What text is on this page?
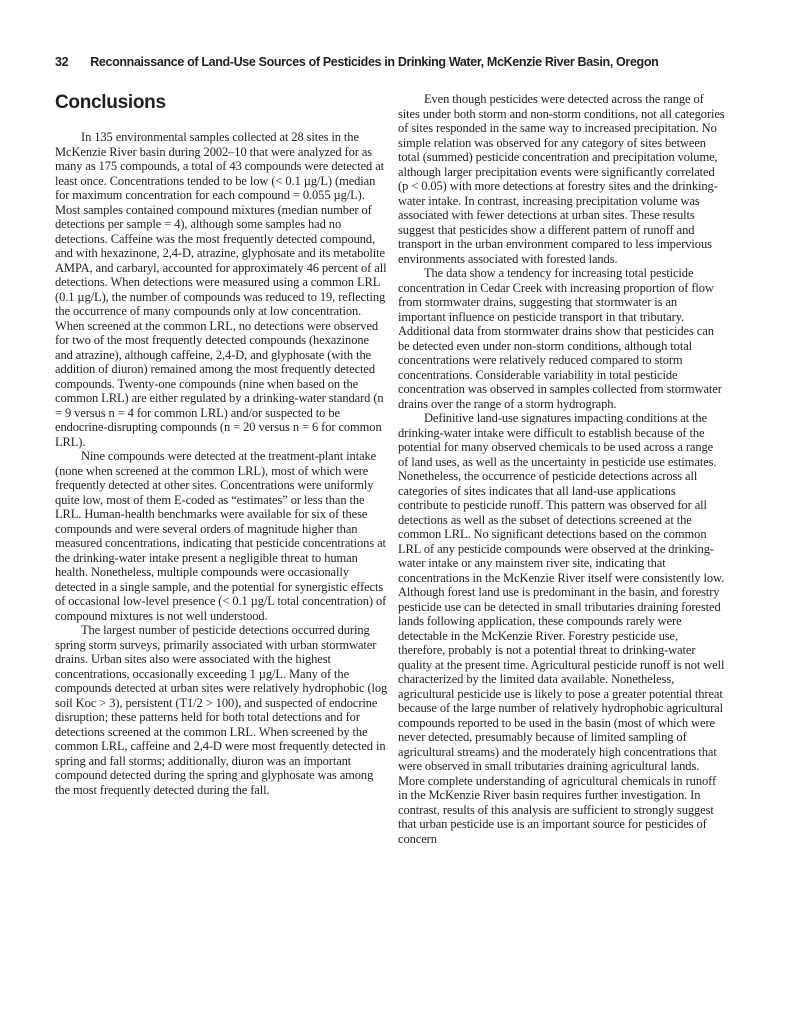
32 Reconnaissance of Land-Use Sources of Pesticides in Drinking Water, McKenzie River Basin, Oregon
Conclusions

In 135 environmental samples collected at 28 sites in the McKenzie River basin during 2002–10 that were analyzed for as many as 175 compounds, a total of 43 compounds were detected at least once. Concentrations tended to be low (< 0.1 µg/L) (median for maximum concentration for each compound = 0.055 µg/L). Most samples contained compound mixtures (median number of detections per sample = 4), although some samples had no detections. Caffeine was the most frequently detected compound, and with hexazinone, 2,4-D, atrazine, glyphosate and its metabolite AMPA, and carbaryl, accounted for approximately 46 percent of all detections. When detections were measured using a common LRL (0.1 µg/L), the number of compounds was reduced to 19, reflecting the occurrence of many compounds only at low concentration. When screened at the common LRL, no detections were observed for two of the most frequently detected compounds (hexazinone and atrazine), although caffeine, 2,4-D, and glyphosate (with the addition of diuron) remained among the most frequently detected compounds. Twenty-one compounds (nine when based on the common LRL) are either regulated by a drinking-water standard (n = 9 versus n = 4 for common LRL) and/or suspected to be endocrine-disrupting compounds (n = 20 versus n = 6 for common LRL).

Nine compounds were detected at the treatment-plant intake (none when screened at the common LRL), most of which were frequently detected at other sites. Concentrations were uniformly quite low, most of them E-coded as “estimates” or less than the LRL. Human-health benchmarks were available for six of these compounds and were several orders of magnitude higher than measured concentrations, indicating that pesticide concentrations at the drinking-water intake present a negligible threat to human health. Nonetheless, multiple compounds were occasionally detected in a single sample, and the potential for synergistic effects of occasional low-level presence (< 0.1 µg/L total concentration) of compound mixtures is not well understood.

The largest number of pesticide detections occurred during spring storm surveys, primarily associated with urban stormwater drains. Urban sites also were associated with the highest concentrations, occasionally exceeding 1 µg/L. Many of the compounds detected at urban sites were relatively hydrophobic (log soil Koc > 3), persistent (T1/2 > 100), and suspected of endocrine disruption; these patterns held for both total detections and for detections screened at the common LRL. When screened by the common LRL, caffeine and 2,4-D were most frequently detected in spring and fall storms; additionally, diuron was an important compound detected during the spring and glyphosate was among the most frequently detected during the fall.

Even though pesticides were detected across the range of sites under both storm and non-storm conditions, not all categories of sites responded in the same way to increased precipitation. No simple relation was observed for any category of sites between total (summed) pesticide concentration and precipitation volume, although larger precipitation events were significantly correlated (p < 0.05) with more detections at forestry sites and the drinking-water intake. In contrast, increasing precipitation volume was associated with fewer detections at urban sites. These results suggest that pesticides show a different pattern of runoff and transport in the urban environment compared to less impervious environments associated with forested lands.

The data show a tendency for increasing total pesticide concentration in Cedar Creek with increasing proportion of flow from stormwater drains, suggesting that stormwater is an important influence on pesticide transport in that tributary. Additional data from stormwater drains show that pesticides can be detected even under non-storm conditions, although total concentrations were relatively reduced compared to storm concentrations. Considerable variability in total pesticide concentration was observed in samples collected from stormwater drains over the range of a storm hydrograph.

Definitive land-use signatures impacting conditions at the drinking-water intake were difficult to establish because of the potential for many observed chemicals to be used across a range of land uses, as well as the uncertainty in pesticide use estimates. Nonetheless, the occurrence of pesticide detections across all categories of sites indicates that all land-use applications contribute to pesticide runoff. This pattern was observed for all detections as well as the subset of detections screened at the common LRL. No significant detections based on the common LRL of any pesticide compounds were observed at the drinking-water intake or any mainstem river site, indicating that concentrations in the McKenzie River itself were consistently low. Although forest land use is predominant in the basin, and forestry pesticide use can be detected in small tributaries draining forested lands following application, these compounds rarely were detectable in the McKenzie River. Forestry pesticide use, therefore, probably is not a potential threat to drinking-water quality at the present time. Agricultural pesticide runoff is not well characterized by the limited data available. Nonetheless, agricultural pesticide use is likely to pose a greater potential threat because of the large number of relatively hydrophobic agricultural compounds reported to be used in the basin (most of which were never detected, presumably because of limited sampling of agricultural streams) and the moderately high concentrations that were observed in small tributaries draining agricultural lands. More complete understanding of agricultural chemicals in runoff in the McKenzie River basin requires further investigation. In contrast, results of this analysis are sufficient to strongly suggest that urban pesticide use is an important source for pesticides of concern
